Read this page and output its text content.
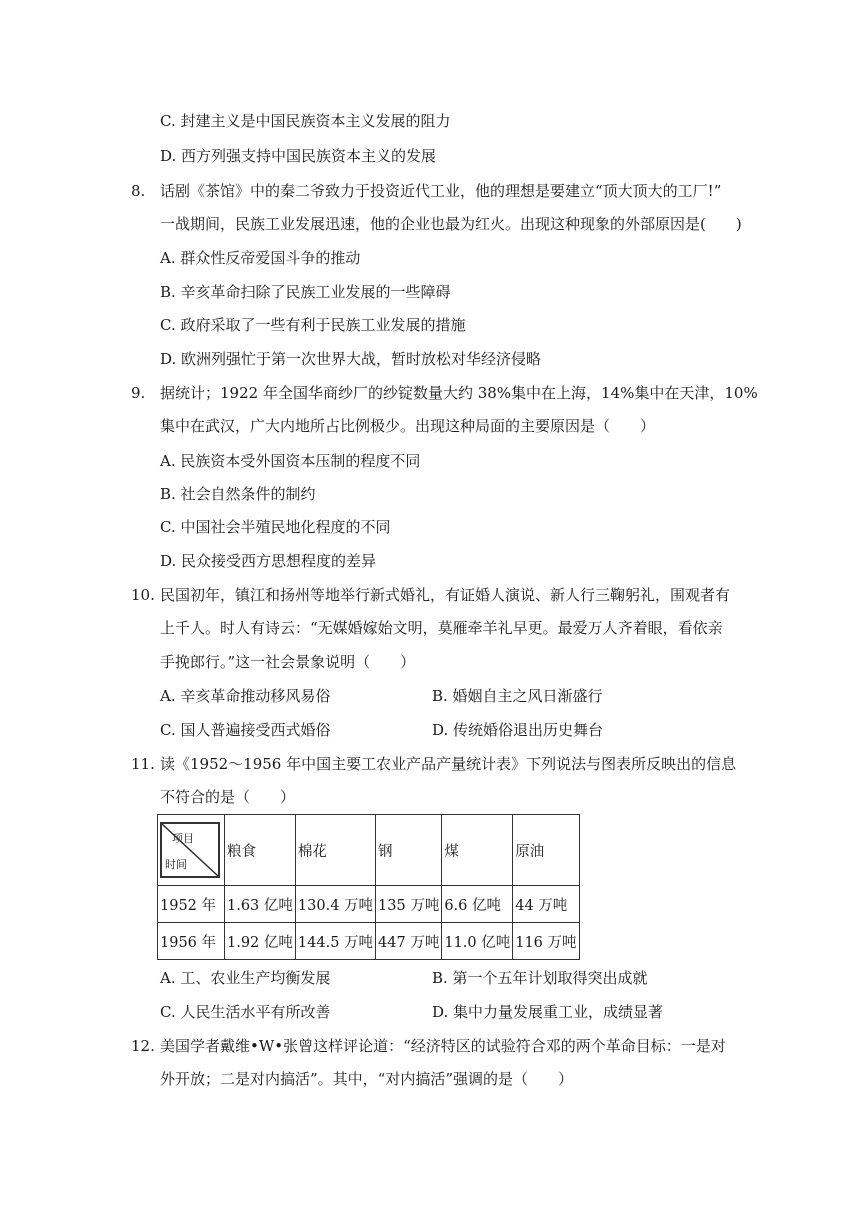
C. 封建主义是中国民族资本主义发展的阻力
D. 西方列强支持中国民族资本主义的发展
8. 话剧《茶馆》中的秦二爷致力于投资近代工业，他的理想是要建立“顶大顶大的工厂!”
一战期间，民族工业发展迅速，他的企业也最为红火。出现这种现象的外部原因是(　　)
A. 群众性反帝爱国斗争的推动
B. 辛亥革命扫除了民族工业发展的一些障碍
C. 政府采取了一些有利于民族工业发展的措施
D. 欧洲列强忙于第一次世界大战，暂时放松对华经济侵略
9. 据统计；1922 年全国华商纱厂的纱锭数量大约 38%集中在上海，14%集中在天津，10%
集中在武汉，广大内地所占比例极少。出现这种局面的主要原因是（　　）
A. 民族资本受外国资本压制的程度不同
B. 社会自然条件的制约
C. 中国社会半殖民地化程度的不同
D. 民众接受西方思想程度的差异
10. 民国初年，镇江和扬州等地举行新式婚礼，有证婚人演说、新人行三鞠躬礼，围观者有
上千人。时人有诗云：“无媒婚嫁始文明，莫雁牵羊礼早更。最爱万人齐着眼，看依亲
手挽郎行。”这一社会景象说明（　　）
A. 辛亥革命推动移风易俗	B. 婚姻自主之风日渐盛行
C. 国人普遍接受西式婚俗	D. 传统婚俗退出历史舞台
11. 读《1952～1956 年中国主要工农业产品产量统计表》下列说法与图表所反映出的信息
不符合的是（　　）
项目
时间	粮食	棉花	钢	煤	原油
1952 年	1.63 亿吨	130.4 万吨	135 万吨	6.6 亿吨	44 万吨
1956 年	1.92 亿吨	144.5 万吨	447 万吨	11.0 亿吨	116 万吨
A. 工、农业生产均衡发展	B. 第一个五年计划取得突出成就
C. 人民生活水平有所改善	D. 集中力量发展重工业，成绩显著
12. 美国学者戴维•W•张曾这样评论道：“经济特区的试验符合邓的两个革命目标：一是对
外开放；二是对内搞活”。其中，“对内搞活”强调的是（　　）
